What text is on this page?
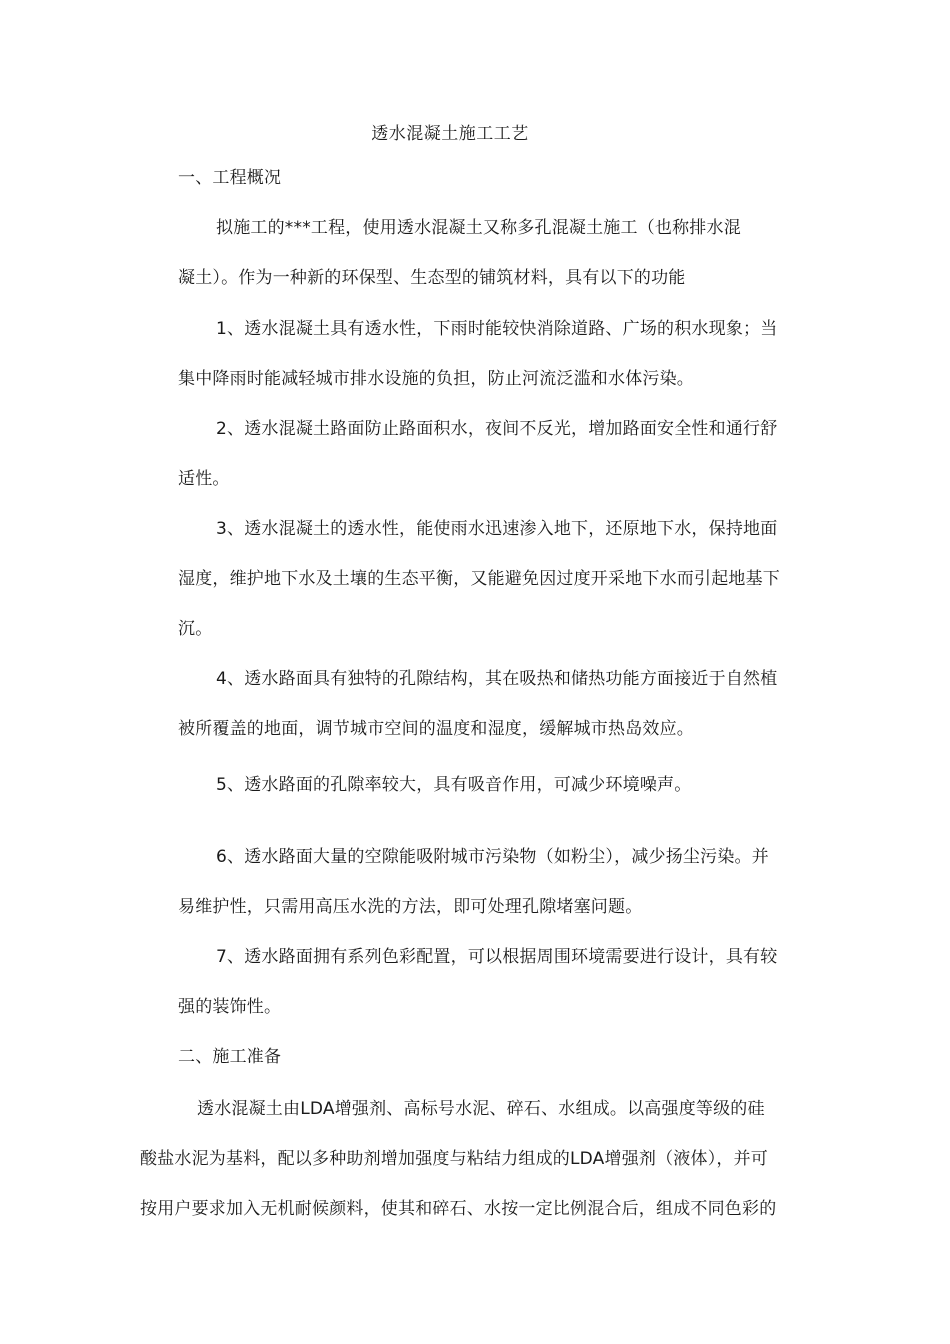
透水混凝土施工工艺
一、工程概况
拟施工的***工程，使用透水混凝土又称多孔混凝土施工（也称排水混
凝土）。作为一种新的环保型、生态型的铺筑材料，具有以下的功能
1、透水混凝土具有透水性，下雨时能较快消除道路、广场的积水现象；当
集中降雨时能减轻城市排水设施的负担，防止河流泛滥和水体污染。
2、透水混凝土路面防止路面积水，夜间不反光，增加路面安全性和通行舒
适性。
3、透水混凝土的透水性，能使雨水迅速渗入地下，还原地下水，保持地面
湿度，维护地下水及土壤的生态平衡，又能避免因过度开采地下水而引起地基下
沉。
4、透水路面具有独特的孔隙结构，其在吸热和储热功能方面接近于自然植
被所覆盖的地面，调节城市空间的温度和湿度，缓解城市热岛效应。
5、透水路面的孔隙率较大，具有吸音作用，可减少环境噪声。
6、透水路面大量的空隙能吸附城市污染物（如粉尘），减少扬尘污染。并
易维护性，只需用高压水洗的方法，即可处理孔隙堵塞问题。
7、透水路面拥有系列色彩配置，可以根据周围环境需要进行设计，具有较
强的装饰性。
二、施工准备
透水混凝土由LDA增强剂、高标号水泥、碎石、水组成。以高强度等级的硅
酸盐水泥为基料，配以多种助剂增加强度与粘结力组成的LDA增强剂（液体），并可
按用户要求加入无机耐候颜料，使其和碎石、水按一定比例混合后，组成不同色彩的
